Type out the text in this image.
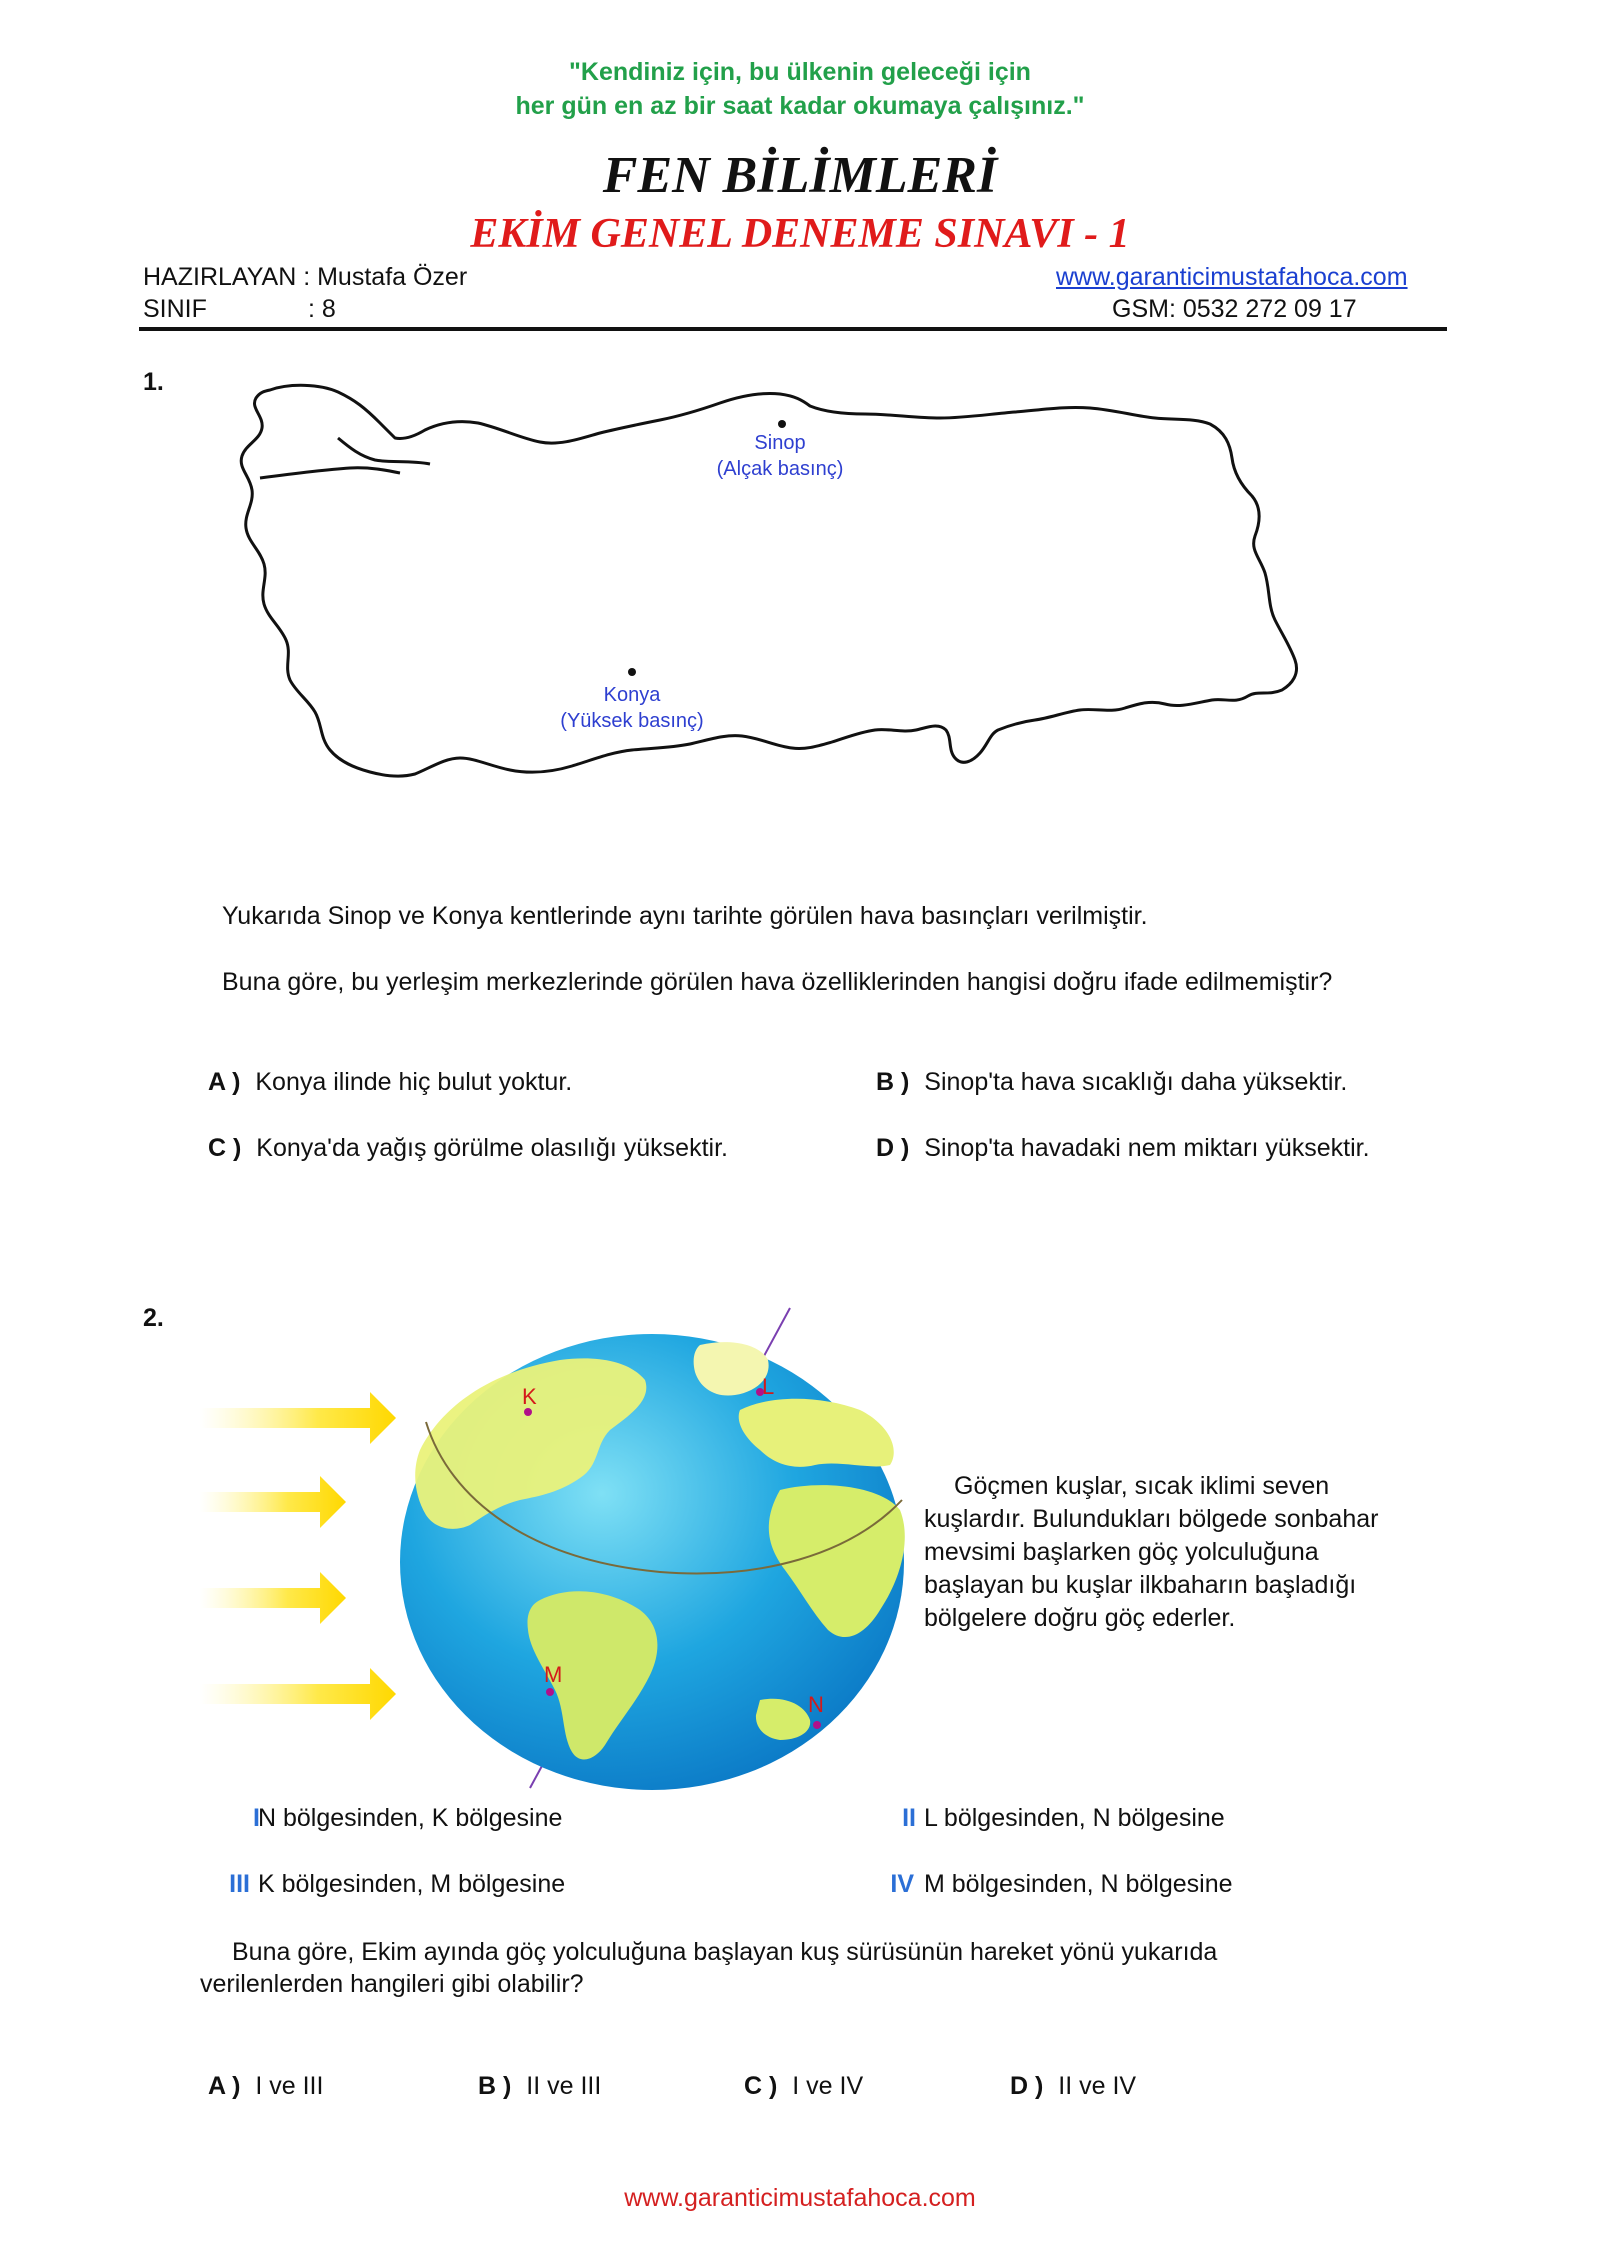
"Kendiniz için, bu ülkenin geleceği için
her gün en az bir saat kadar okumaya çalışınız."
FEN BİLİMLERİ
EKİM GENEL DENEME SINAVI - 1
HAZIRLAYAN : Mustafa Özer	www.garanticimustafahoca.com
SINIF	: 8	GSM: 0532 272 09 17
1.
Sinop
(Alçak basınç)
Konya
(Yüksek basınç)
Yukarıda Sinop ve Konya kentlerinde aynı tarihte görülen hava basınçları verilmiştir.
Buna göre, bu yerleşim merkezlerinde görülen hava özelliklerinden hangisi doğru ifade edilmemiştir?
A ) Konya ilinde hiç bulut yoktur.	B ) Sinop'ta hava sıcaklığı daha yüksektir.
C ) Konya'da yağış görülme olasılığı yüksektir.	D ) Sinop'ta havadaki nem miktarı yüksektir.
2.
K	L
M
N
Göçmen kuşlar, sıcak iklimi seven
kuşlardır. Bulundukları bölgede sonbahar
mevsimi başlarken göç yolculuğuna
başlayan bu kuşlar ilkbaharın başladığı
bölgelere doğru göç ederler.
I
N bölgesinden, K bölgesine	II L bölgesinden, N bölgesine
III K bölgesinden, M bölgesine	IV M bölgesinden, N bölgesine
Buna göre, Ekim ayında göç yolculuğuna başlayan kuş sürüsünün hareket yönü yukarıda
verilenlerden hangileri gibi olabilir?
A ) I ve III	B ) II ve III	C ) I ve IV	D ) II ve IV
www.garanticimustafahoca.com
